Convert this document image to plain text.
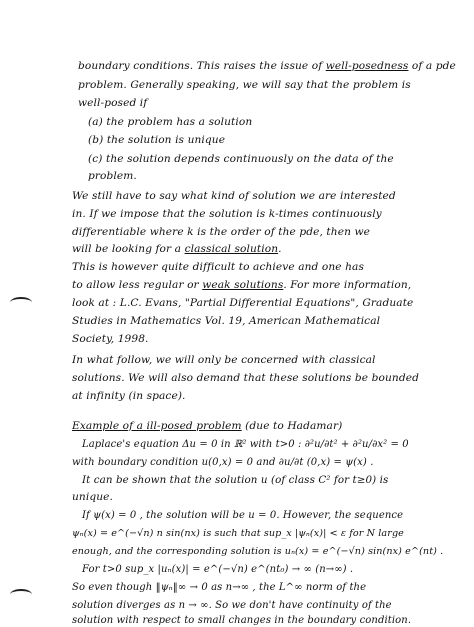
boundary conditions. This raises the issue of well-posedness of a pde
problem. Generally speaking, we will say that the problem is
well-posed if
(a) the problem has a solution
(b) the solution is unique
(c) the solution depends continuously on the data of the
problem.
We still have to say what kind of solution we are interested
in. If we impose that the solution is k-times continuously
differentiable where k is the order of the pde, then we
will be looking for a classical solution.
This is however quite difficult to achieve and one has
to allow less regular or weak solutions. For more information,
look at : L.C. Evans, "Partial Differential Equations", Graduate
Studies in Mathematics Vol. 19, American Mathematical
Society, 1998.
In what follow, we will only be concerned with classical
solutions. We will also demand that these solutions be bounded
at infinity (in space).
Example of a ill-posed problem (due to Hadamar)
Laplace's equation Δu = 0 in ℝ² with t>0 : ∂²u/∂t² + ∂²u/∂x² = 0
with boundary condition u(0,x) = 0 and ∂u/∂t (0,x) = ψ(x) .
It can be shown that the solution u (of class C² for t≥0) is
unique.
If ψ(x) = 0 , the solution will be u = 0. However, the sequence
ψₙ(x) = e^(−√n) n sin(nx) is such that sup_x |ψₙ(x)| < ε for N large
enough, and the corresponding solution is uₙ(x) = e^(−√n) sin(nx) e^(nt) .
For t>0 sup_x |uₙ(x)| = e^(−√n) e^(nt₀) → ∞ (n→∞) .
So even though ‖ψₙ‖∞ → 0 as n→∞ , the L^∞ norm of the
solution diverges as n → ∞. So we don't have continuity of the
solution with respect to small changes in the boundary condition.
